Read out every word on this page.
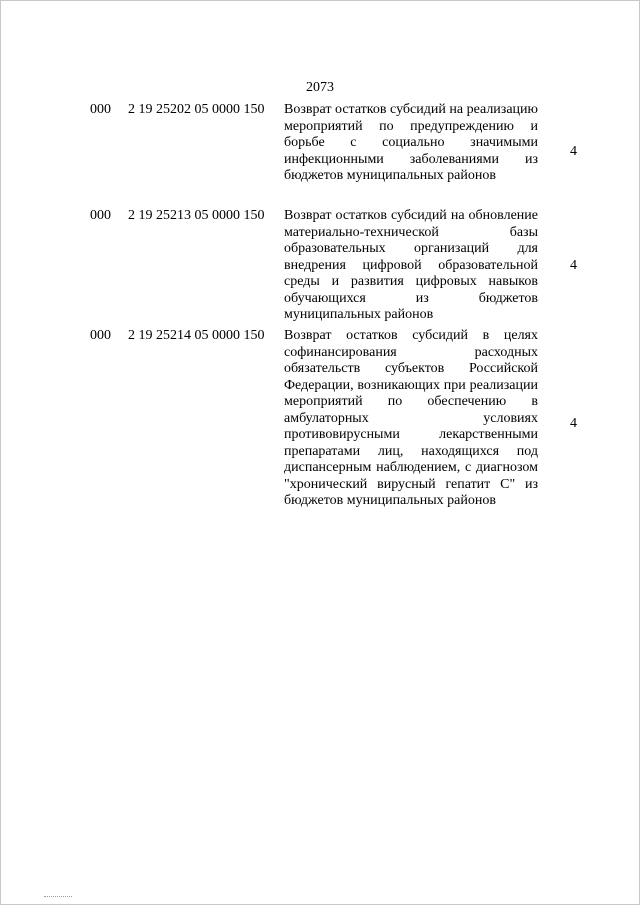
2073
000 2 19 25202 05 0000 150 Возврат остатков субсидий на реализацию мероприятий по предупреждению и борьбе с социально значимыми инфекционными заболеваниями из бюджетов муниципальных районов
4
000 2 19 25213 05 0000 150 Возврат остатков субсидий на обновление материально-технической базы образовательных организаций для внедрения цифровой образовательной среды и развития цифровых навыков обучающихся из бюджетов муниципальных районов
4
000 2 19 25214 05 0000 150 Возврат остатков субсидий в целях софинансирования расходных обязательств субъектов Российской Федерации, возникающих при реализации мероприятий по обеспечению в амбулаторных условиях противовирусными лекарственными препаратами лиц, находящихся под диспансерным наблюдением, с диагнозом "хронический вирусный гепатит С" из бюджетов муниципальных районов
4
